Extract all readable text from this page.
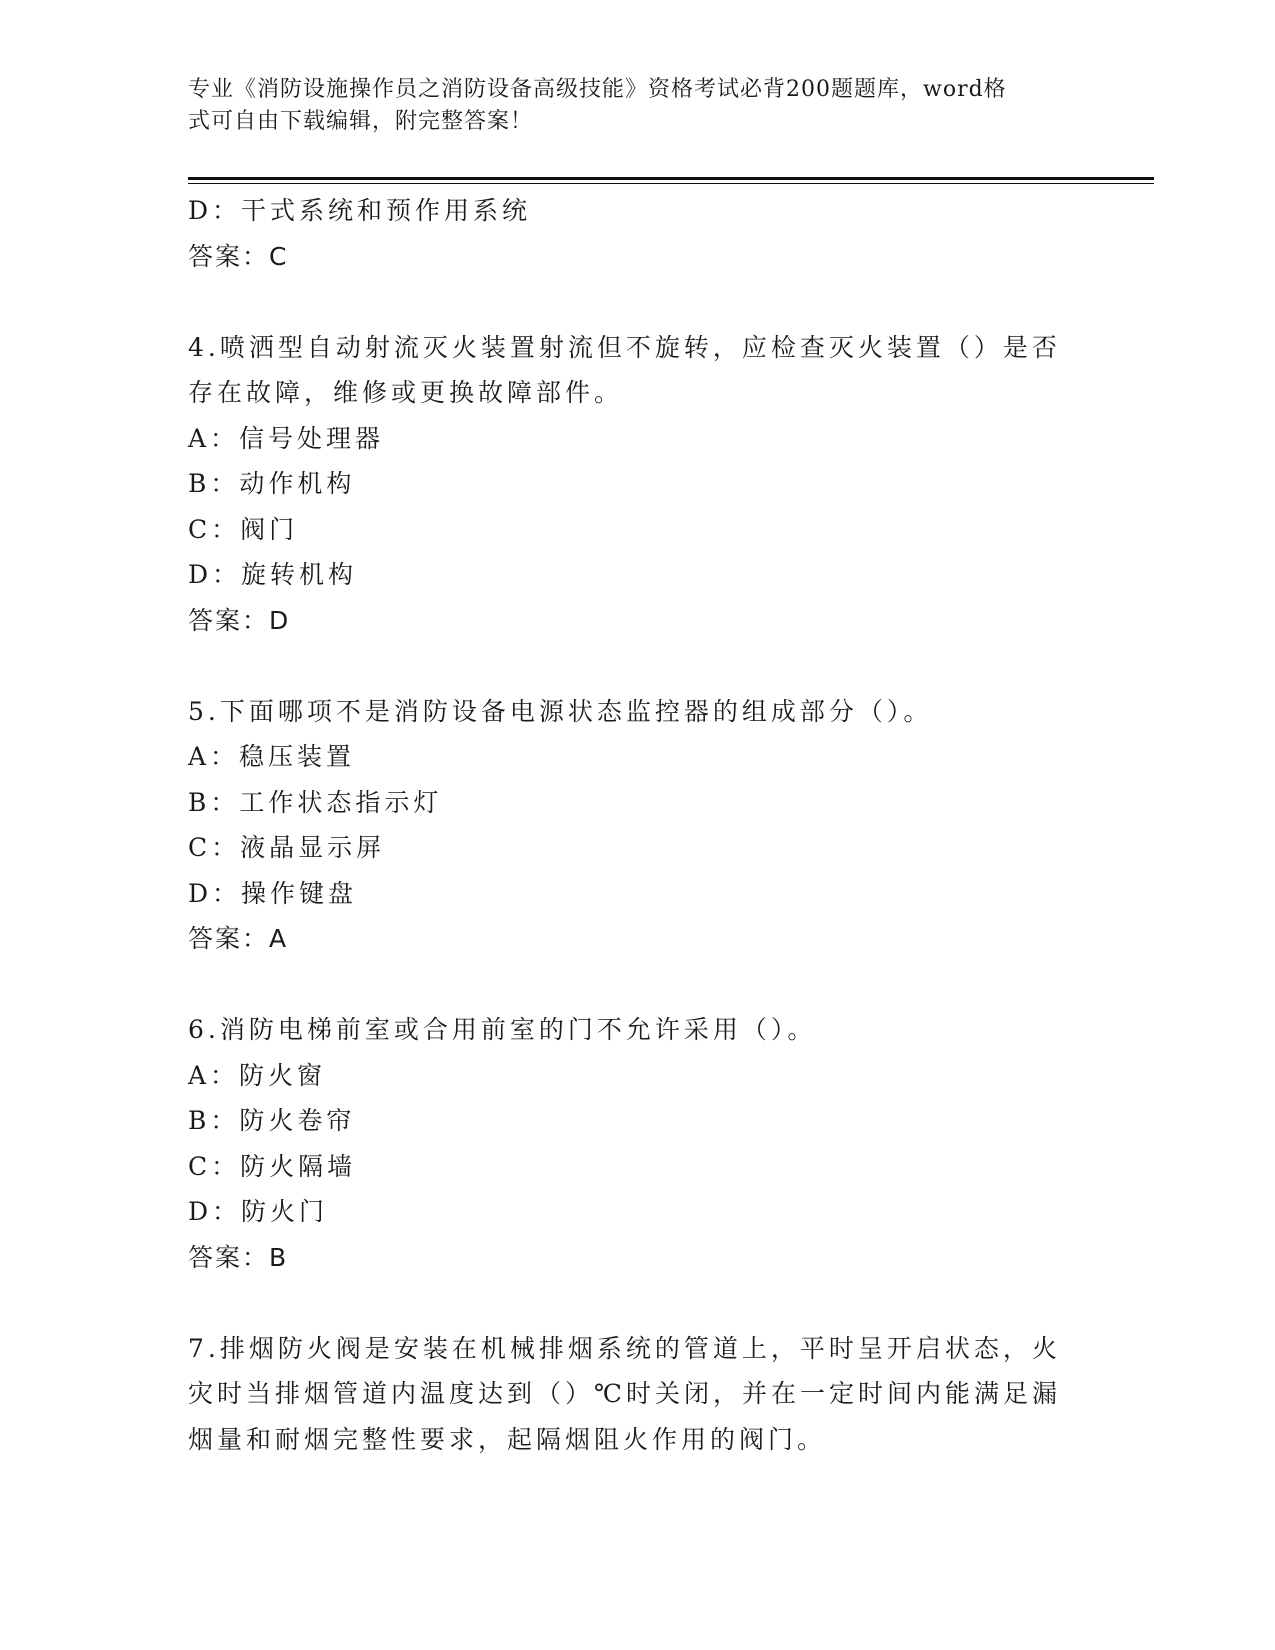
专业《消防设施操作员之消防设备高级技能》资格考试必背200题题库，word格
式可自由下载编辑，附完整答案！
D：干式系统和预作用系统
答案：C
4.喷洒型自动射流灭火装置射流但不旋转，应检查灭火装置（）是否
存在故障，维修或更换故障部件。
A：信号处理器
B：动作机构
C：阀门
D：旋转机构
答案：D
5.下面哪项不是消防设备电源状态监控器的组成部分（）。
A：稳压装置
B：工作状态指示灯
C：液晶显示屏
D：操作键盘
答案：A
6.消防电梯前室或合用前室的门不允许采用（）。
A：防火窗
B：防火卷帘
C：防火隔墙
D：防火门
答案：B
7.排烟防火阀是安装在机械排烟系统的管道上，平时呈开启状态，火
灾时当排烟管道内温度达到（）℃时关闭，并在一定时间内能满足漏
烟量和耐烟完整性要求，起隔烟阻火作用的阀门。
